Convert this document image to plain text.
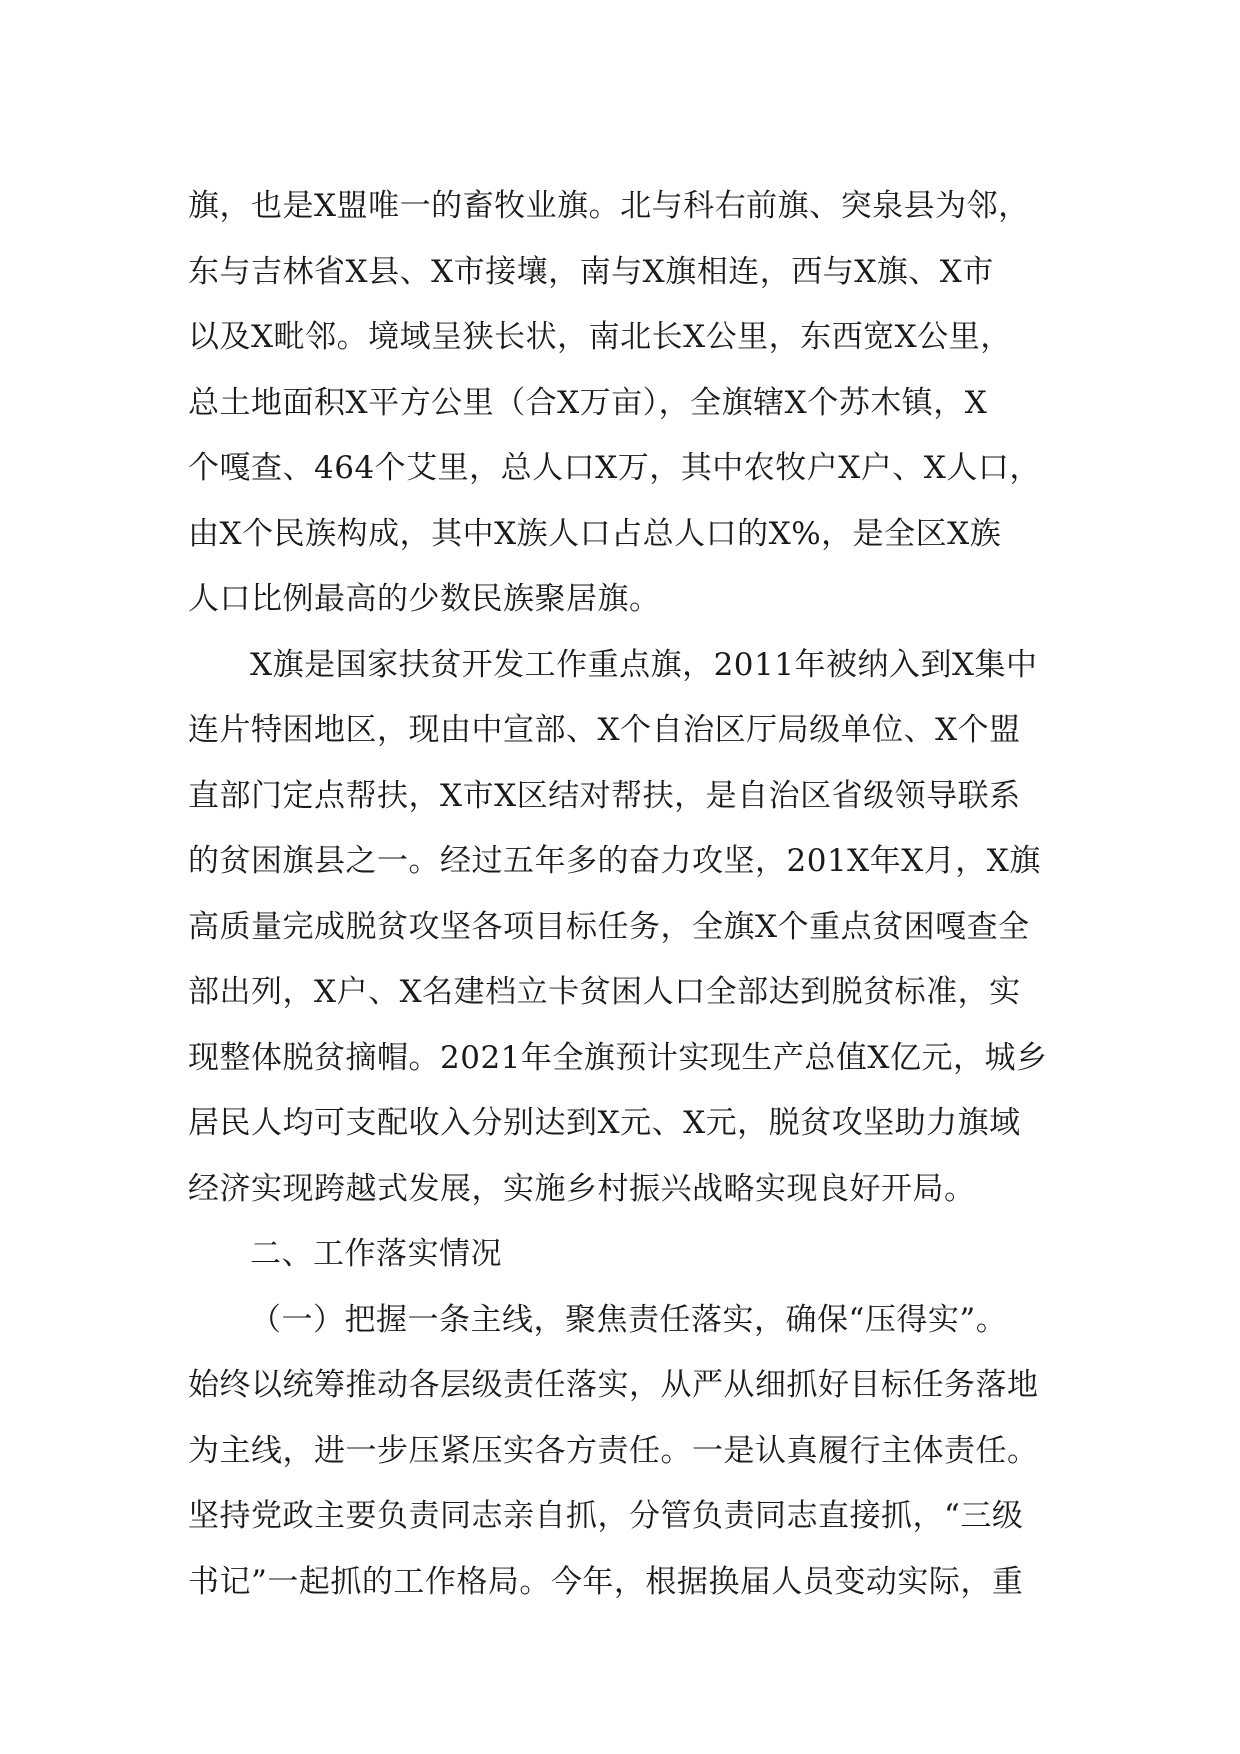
旗，也是X盟唯一的畜牧业旗。北与科右前旗、突泉县为邻，
东与吉林省X县、X市接壤，南与X旗相连，西与X旗、X市
以及X毗邻。境域呈狭长状，南北长X公里，东西宽X公里，
总土地面积X平方公里（合X万亩），全旗辖X个苏木镇，X
个嘎查、464个艾里，总人口X万，其中农牧户X户、X人口，
由X个民族构成，其中X族人口占总人口的X%，是全区X族
人口比例最高的少数民族聚居旗。
X旗是国家扶贫开发工作重点旗，2011年被纳入到X集中
连片特困地区，现由中宣部、X个自治区厅局级单位、X个盟
直部门定点帮扶，X市X区结对帮扶，是自治区省级领导联系
的贫困旗县之一。经过五年多的奋力攻坚，201X年X月，X旗
高质量完成脱贫攻坚各项目标任务，全旗X个重点贫困嘎查全
部出列，X户、X名建档立卡贫困人口全部达到脱贫标准，实
现整体脱贫摘帽。2021年全旗预计实现生产总值X亿元，城乡
居民人均可支配收入分别达到X元、X元，脱贫攻坚助力旗域
经济实现跨越式发展，实施乡村振兴战略实现良好开局。
二、工作落实情况
（一）把握一条主线，聚焦责任落实，确保“压得实”。
始终以统筹推动各层级责任落实，从严从细抓好目标任务落地
为主线，进一步压紧压实各方责任。一是认真履行主体责任。
坚持党政主要负责同志亲自抓，分管负责同志直接抓，“三级
书记”一起抓的工作格局。今年，根据换届人员变动实际，重
